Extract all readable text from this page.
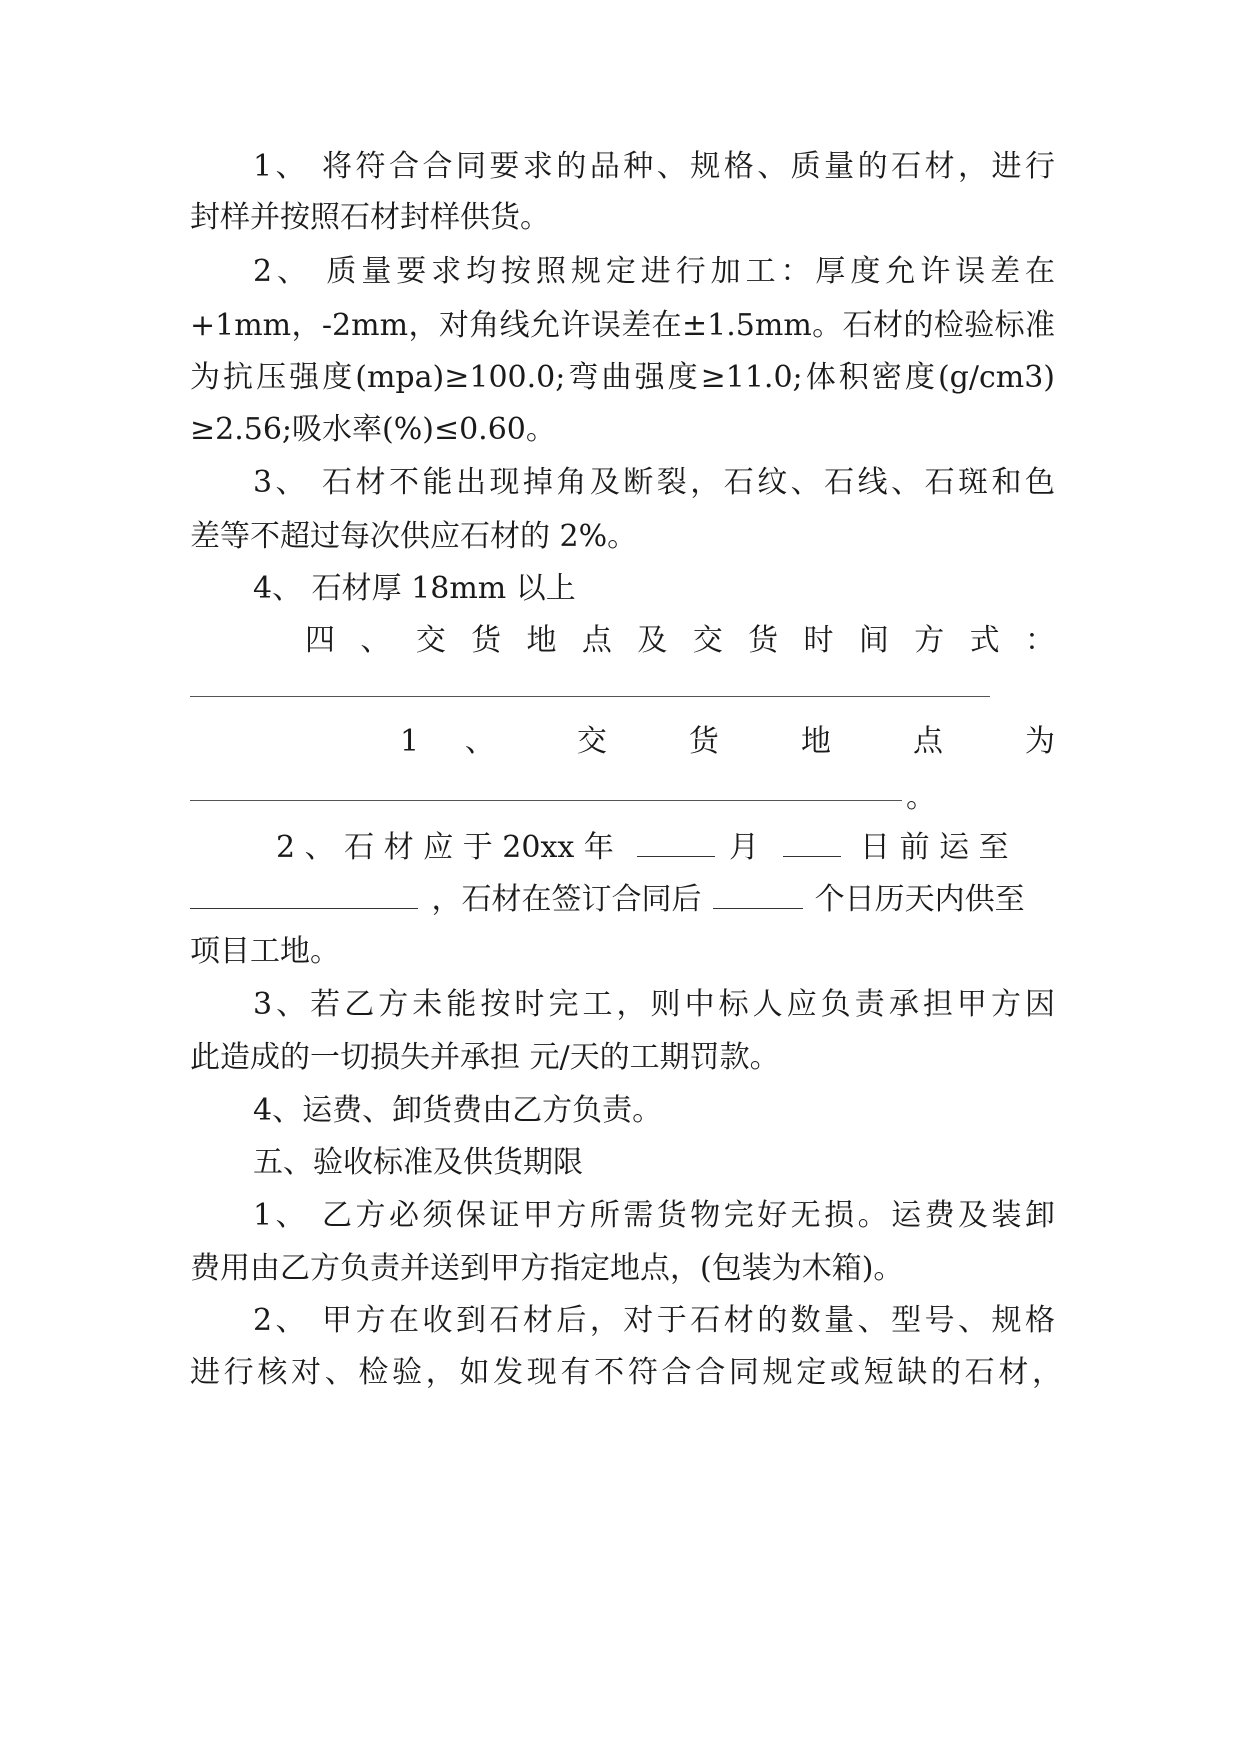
1、 将符合合同要求的品种、规格、质量的石材，进行
封样并按照石材封样供货。
2、 质量要求均按照规定进行加工：厚度允许误差在
+1mm，-2mm，对角线允许误差在±1.5mm。石材的检验标准
为抗压强度(mpa)≥100.0;弯曲强度≥11.0;体积密度(g/cm3)
≥2.56;吸水率(%)≤0.60。
3、 石材不能出现掉角及断裂，石纹、石线、石斑和色
差等不超过每次供应石材的 2%。
4、 石材厚 18mm 以上
四、交货地点及交货时间方式：
1 、 交 货 地 点 为
。
2 、 石 材 应 于 20xx 年	月	日 前 运 至
，石材在签订合同后	个日历天内供至
项目工地。
3、若乙方未能按时完工，则中标人应负责承担甲方因
此造成的一切损失并承担 元/天的工期罚款。
4、运费、卸货费由乙方负责。
五、验收标准及供货期限
1、 乙方必须保证甲方所需货物完好无损。运费及装卸
费用由乙方负责并送到甲方指定地点，(包装为木箱)。
2、 甲方在收到石材后，对于石材的数量、型号、规格
进行核对、检验，如发现有不符合合同规定或短缺的石材，
